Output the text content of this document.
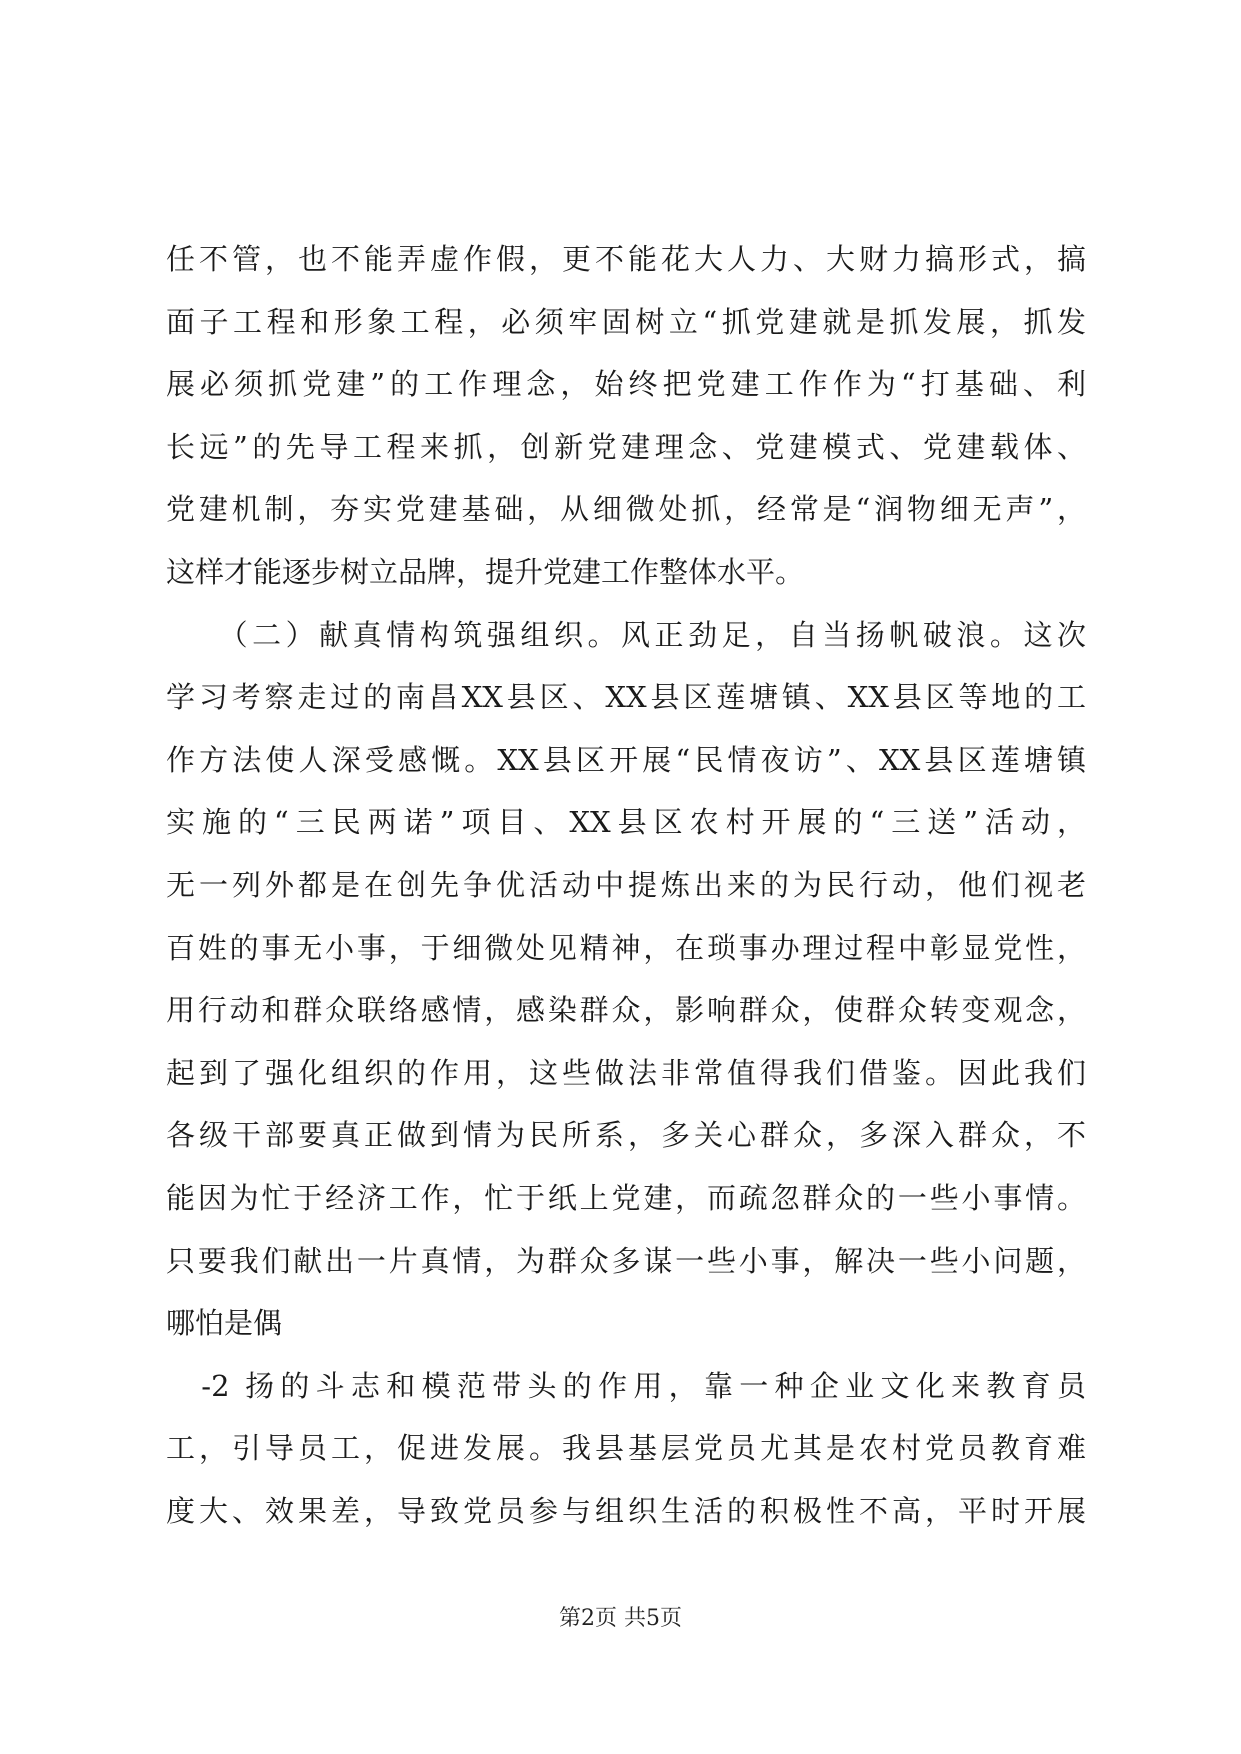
任不管，也不能弄虚作假，更不能花大人力、大财力搞形式，搞
面子工程和形象工程，必须牢固树立“抓党建就是抓发展，抓发
展必须抓党建”的工作理念，始终把党建工作作为“打基础、利
长远”的先导工程来抓，创新党建理念、党建模式、党建载体、
党建机制，夯实党建基础，从细微处抓，经常是“润物细无声”，
这样才能逐步树立品牌，提升党建工作整体水平。
　　（二）献真情构筑强组织。风正劲足，自当扬帆破浪。这次
学习考察走过的南昌XX县区、XX县区莲塘镇、XX县区等地的工
作方法使人深受感慨。XX县区开展“民情夜访”、XX县区莲塘镇
实施的“三民两诺”项目、XX县区农村开展的“三送”活动，
无一列外都是在创先争优活动中提炼出来的为民行动，他们视老
百姓的事无小事，于细微处见精神，在琐事办理过程中彰显党性，
用行动和群众联络感情，感染群众，影响群众，使群众转变观念，
起到了强化组织的作用，这些做法非常值得我们借鉴。因此我们
各级干部要真正做到情为民所系，多关心群众，多深入群众，不
能因为忙于经济工作，忙于纸上党建，而疏忽群众的一些小事情。
只要我们献出一片真情，为群众多谋一些小事，解决一些小问题，
哪怕是偶
　-2 扬的斗志和模范带头的作用，靠一种企业文化来教育员
工，引导员工，促进发展。我县基层党员尤其是农村党员教育难
度大、效果差，导致党员参与组织生活的积极性不高，平时开展
第2页 共5页
